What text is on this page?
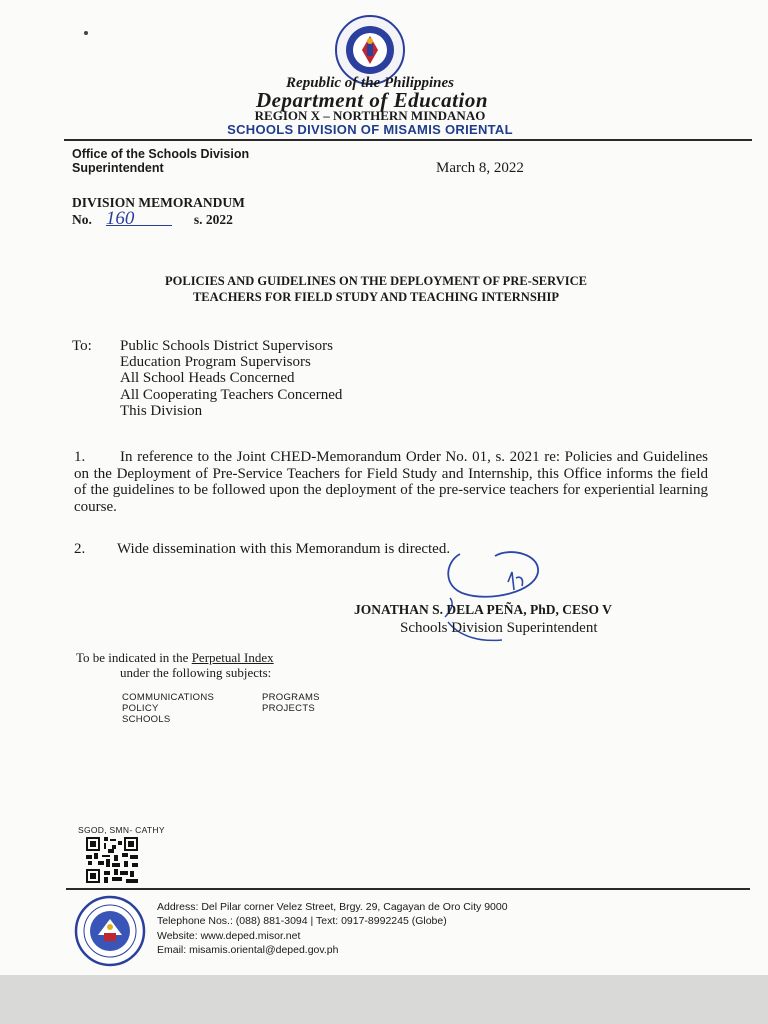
Republic of the Philippines
Department of Education
REGION X – NORTHERN MINDANAO
SCHOOLS DIVISION OF MISAMIS ORIENTAL
Office of the Schools Division
Superintendent	March 8, 2022
DIVISION MEMORANDUM
No. 160	s. 2022
POLICIES AND GUIDELINES ON THE DEPLOYMENT OF PRE-SERVICE
TEACHERS FOR FIELD STUDY AND TEACHING INTERNSHIP
To: Public Schools District Supervisors
Education Program Supervisors
All School Heads Concerned
All Cooperating Teachers Concerned
This Division
1. In reference to the Joint CHED-Memorandum Order No. 01, s. 2021 re: Policies and Guidelines on the Deployment of Pre-Service Teachers for Field Study and Internship, this Office informs the field of the guidelines to be followed upon the deployment of the pre-service teachers for experiential learning course.
2. Wide dissemination with this Memorandum is directed.
JONATHAN S. DELA PEÑA, PhD, CESO V
Schools Division Superintendent
To be indicated in the Perpetual Index
under the following subjects:
COMMUNICATIONS
POLICY
SCHOOLS
PROGRAMS
PROJECTS
SGOD, SMN- CATHY
Address: Del Pilar corner Velez Street, Brgy. 29, Cagayan de Oro City 9000
Telephone Nos.: (088) 881-3094 | Text: 0917-8992245 (Globe)
Website: www.deped.misor.net
Email: misamis.oriental@deped.gov.ph
